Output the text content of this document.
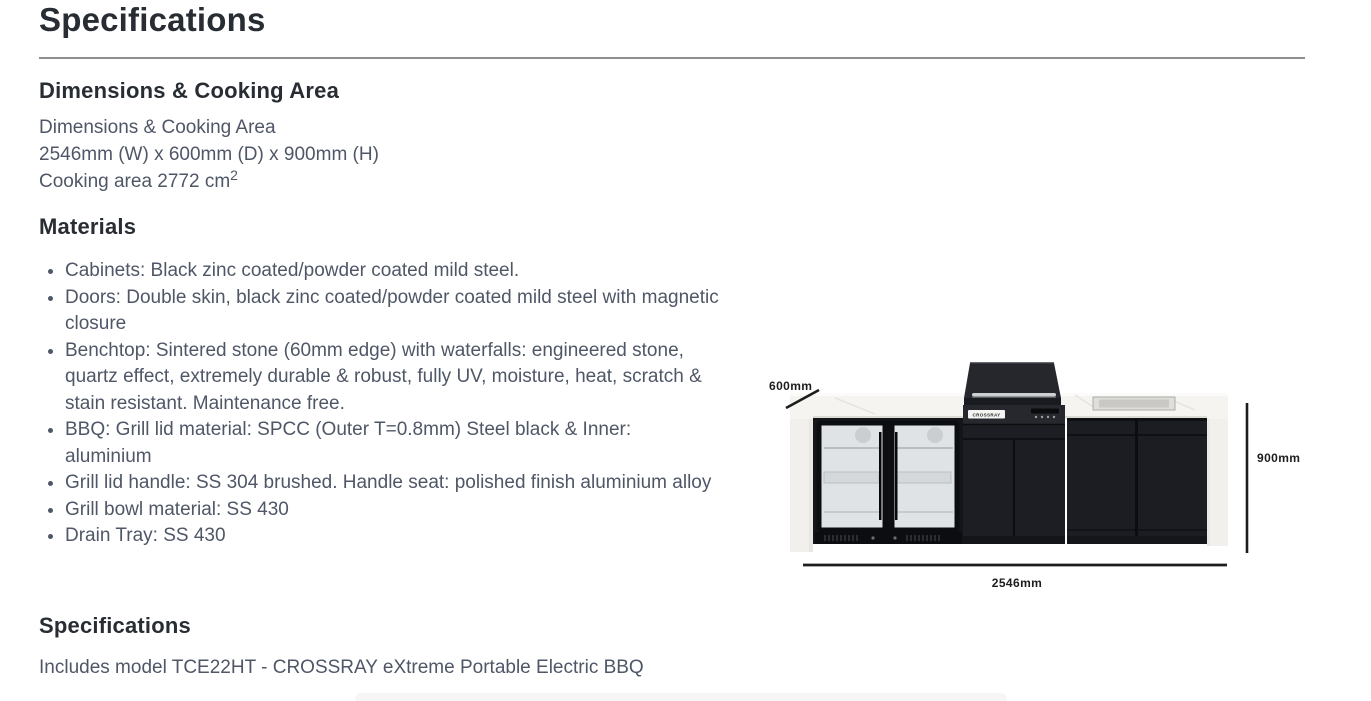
Specifications
Dimensions & Cooking Area
Dimensions & Cooking Area
2546mm (W) x 600mm (D) x 900mm (H)
Cooking area 2772 $cm^2$
Materials
• Cabinets: Black zinc coated/powder coated mild steel.
• Doors: Double skin, black zinc coated/powder coated mild steel with magnetic closure
• Benchtop: Sintered stone (60mm edge) with waterfalls: engineered stone, quartz effect, extremely durable & robust, fully UV, moisture, heat, scratch & stain resistant. Maintenance free.
• BBQ: Grill lid material: SPCC (Outer T=0.8mm) Steel black & Inner: aluminium
• Grill lid handle: SS 304 brushed. Handle seat: polished finish aluminium alloy
• Grill bowl material: SS 430
• Drain Tray: SS 430
Specifications

Includes model TCE22HT - CROSSRAY eXtreme Portable Electric BBQ

CROSSRAY
600mm
900mm
2546mm
